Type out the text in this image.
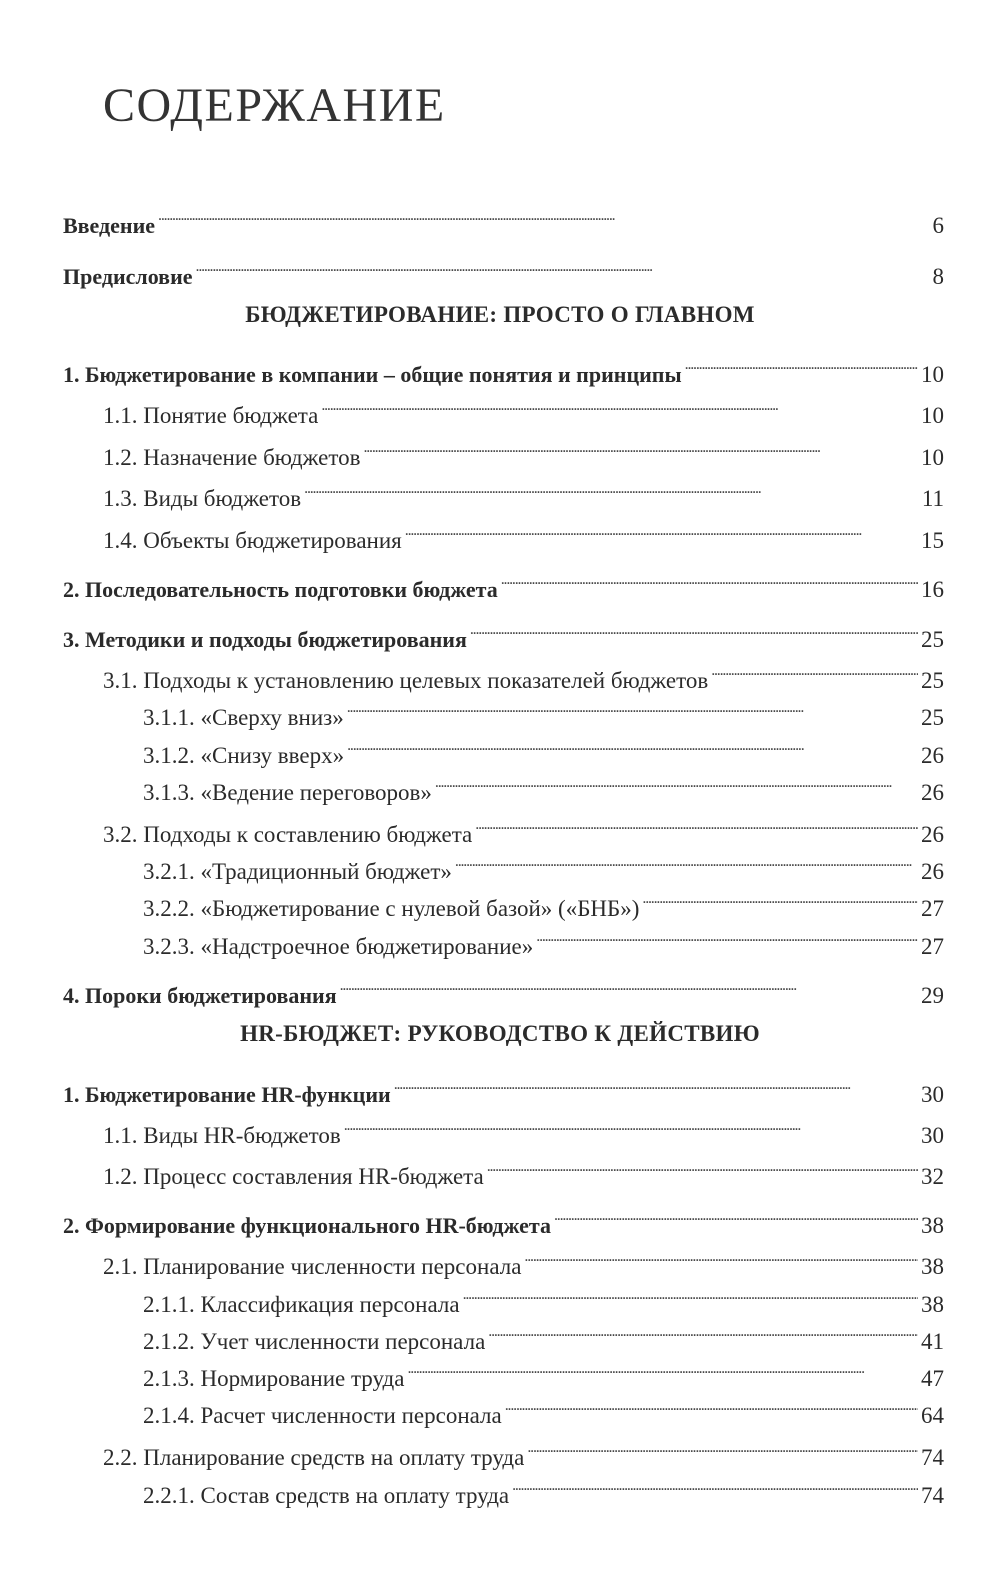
СОДЕРЖАНИЕ
Введение . . .	6
Предисловие . . .	8
БЮДЖЕТИРОВАНИЕ: ПРОСТО О ГЛАВНОМ
1. Бюджетирование в компании – общие понятия и принципы . . .	10
1.1. Понятие бюджета . . .	10
1.2. Назначение бюджетов . . .	10
1.3. Виды бюджетов . . .	11
1.4. Объекты бюджетирования . . .	15
2. Последовательность подготовки бюджета . . .	16
3. Методики и подходы бюджетирования . . .	25
3.1. Подходы к установлению целевых показателей бюджетов . . .	25
3.1.1. «Сверху вниз» . . .	25
3.1.2. «Снизу вверх» . . .	26
3.1.3. «Ведение переговоров» . . .	26
3.2. Подходы к составлению бюджета . . .	26
3.2.1. «Традиционный бюджет» . . .	26
3.2.2. «Бюджетирование с нулевой базой» («БНБ») . . .	27
3.2.3. «Надстроечное бюджетирование» . . .	27
4. Пороки бюджетирования . . .	29
HR-БЮДЖЕТ: РУКОВОДСТВО К ДЕЙСТВИЮ
1. Бюджетирование HR-функции . . .	30
1.1. Виды HR-бюджетов . . .	30
1.2. Процесс составления HR-бюджета . . .	32
2. Формирование функционального HR-бюджета . . .	38
2.1. Планирование численности персонала . . .	38
2.1.1. Классификация персонала . . .	38
2.1.2. Учет численности персонала . . .	41
2.1.3. Нормирование труда . . .	47
2.1.4. Расчет численности персонала . . .	64
2.2. Планирование средств на оплату труда . . .	74
2.2.1. Состав средств на оплату труда . . .	74
